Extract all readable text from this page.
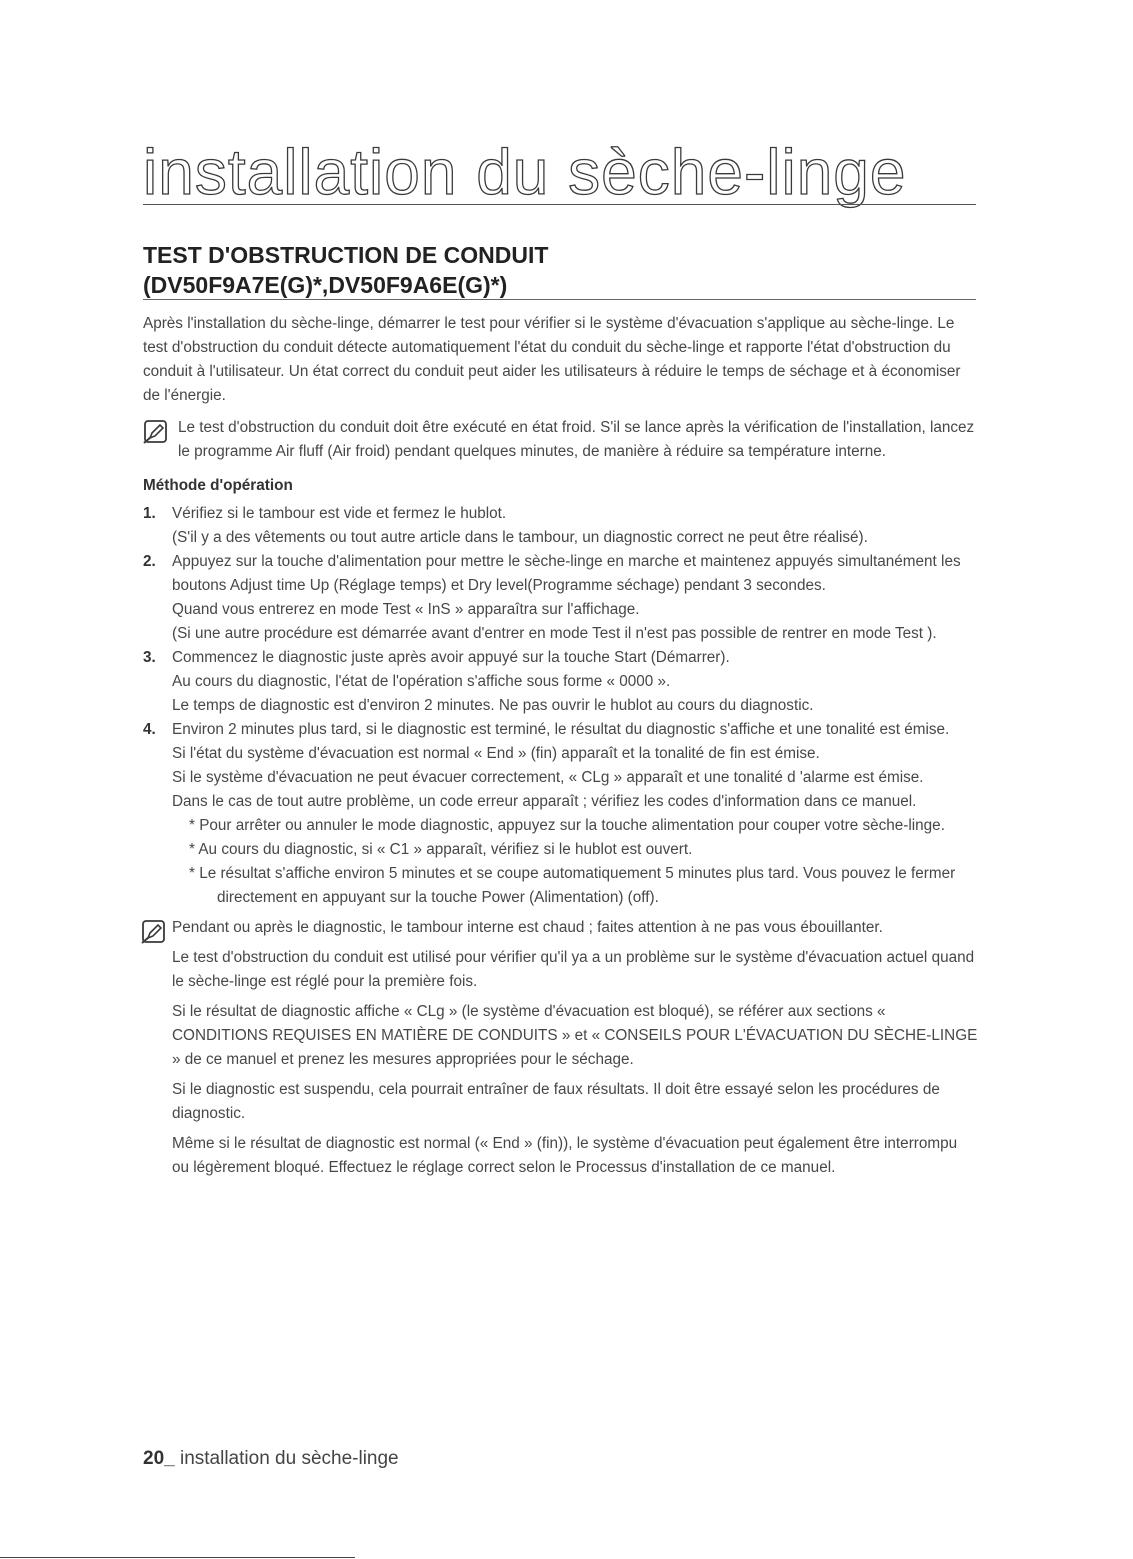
installation du sèche-linge
TEST D'OBSTRUCTION DE CONDUIT
(DV50F9A7E(G)*,DV50F9A6E(G)*)

Après l'installation du sèche-linge, démarrer le test pour vérifier si le système d'évacuation s'applique au sèche-linge. Le test d'obstruction du conduit détecte automatiquement l'état du conduit du sèche-linge et rapporte l'état d'obstruction du conduit à l'utilisateur. Un état correct du conduit peut aider les utilisateurs à réduire le temps de séchage et à économiser de l'énergie.

Le test d'obstruction du conduit doit être exécuté en état froid. S'il se lance après la vérification de l'installation, lancez le programme Air fluff (Air froid) pendant quelques minutes, de manière à réduire sa température interne.

Méthode d'opération

1. Vérifiez si le tambour est vide et fermez le hublot.
(S'il y a des vêtements ou tout autre article dans le tambour, un diagnostic correct ne peut être réalisé).
2. Appuyez sur la touche d'alimentation pour mettre le sèche-linge en marche et maintenez appuyés simultanément les boutons Adjust time Up (Réglage temps) et Dry level(Programme séchage) pendant 3 secondes.
Quand vous entrerez en mode Test « InS » apparaîtra sur l'affichage.
(Si une autre procédure est démarrée avant d'entrer en mode Test il n'est pas possible de rentrer en mode Test ).
3. Commencez le diagnostic juste après avoir appuyé sur la touche Start (Démarrer).
Au cours du diagnostic, l'état de l'opération s'affiche sous forme « 0000 ».
Le temps de diagnostic est d'environ 2 minutes. Ne pas ouvrir le hublot au cours du diagnostic.
4. Environ 2 minutes plus tard, si le diagnostic est terminé, le résultat du diagnostic s'affiche et une tonalité est émise.
Si l'état du système d'évacuation est normal « End » (fin) apparaît et la tonalité de fin est émise.
Si le système d'évacuation ne peut évacuer correctement, « CLg » apparaît et une tonalité d 'alarme est émise.
Dans le cas de tout autre problème, un code erreur apparaît ; vérifiez les codes d'information dans ce manuel.

* Pour arrêter ou annuler le mode diagnostic, appuyez sur la touche alimentation pour couper votre sèche-linge.

* Au cours du diagnostic, si « C1 » apparaît, vérifiez si le hublot est ouvert.

* Le résultat s'affiche environ 5 minutes et se coupe automatiquement 5 minutes plus tard. Vous pouvez le fermer directement en appuyant sur la touche Power (Alimentation) (off).

Pendant ou après le diagnostic, le tambour interne est chaud ; faites attention à ne pas vous ébouillanter.

Le test d'obstruction du conduit est utilisé pour vérifier qu'il ya a un problème sur le système d'évacuation actuel quand le sèche-linge est réglé pour la première fois.

Si le résultat de diagnostic affiche « CLg » (le système d'évacuation est bloqué), se référer aux sections « CONDITIONS REQUISES EN MATIÈRE DE CONDUITS » et « CONSEILS POUR L'ÉVACUATION DU SÈCHE-LINGE » de ce manuel et prenez les mesures appropriées pour le séchage.

Si le diagnostic est suspendu, cela pourrait entraîner de faux résultats. Il doit être essayé selon les procédures de diagnostic.

Même si le résultat de diagnostic est normal (« End » (fin)), le système d'évacuation peut également être interrompu ou légèrement bloqué. Effectuez le réglage correct selon le Processus d'installation de ce manuel.

20_ installation du sèche-linge
